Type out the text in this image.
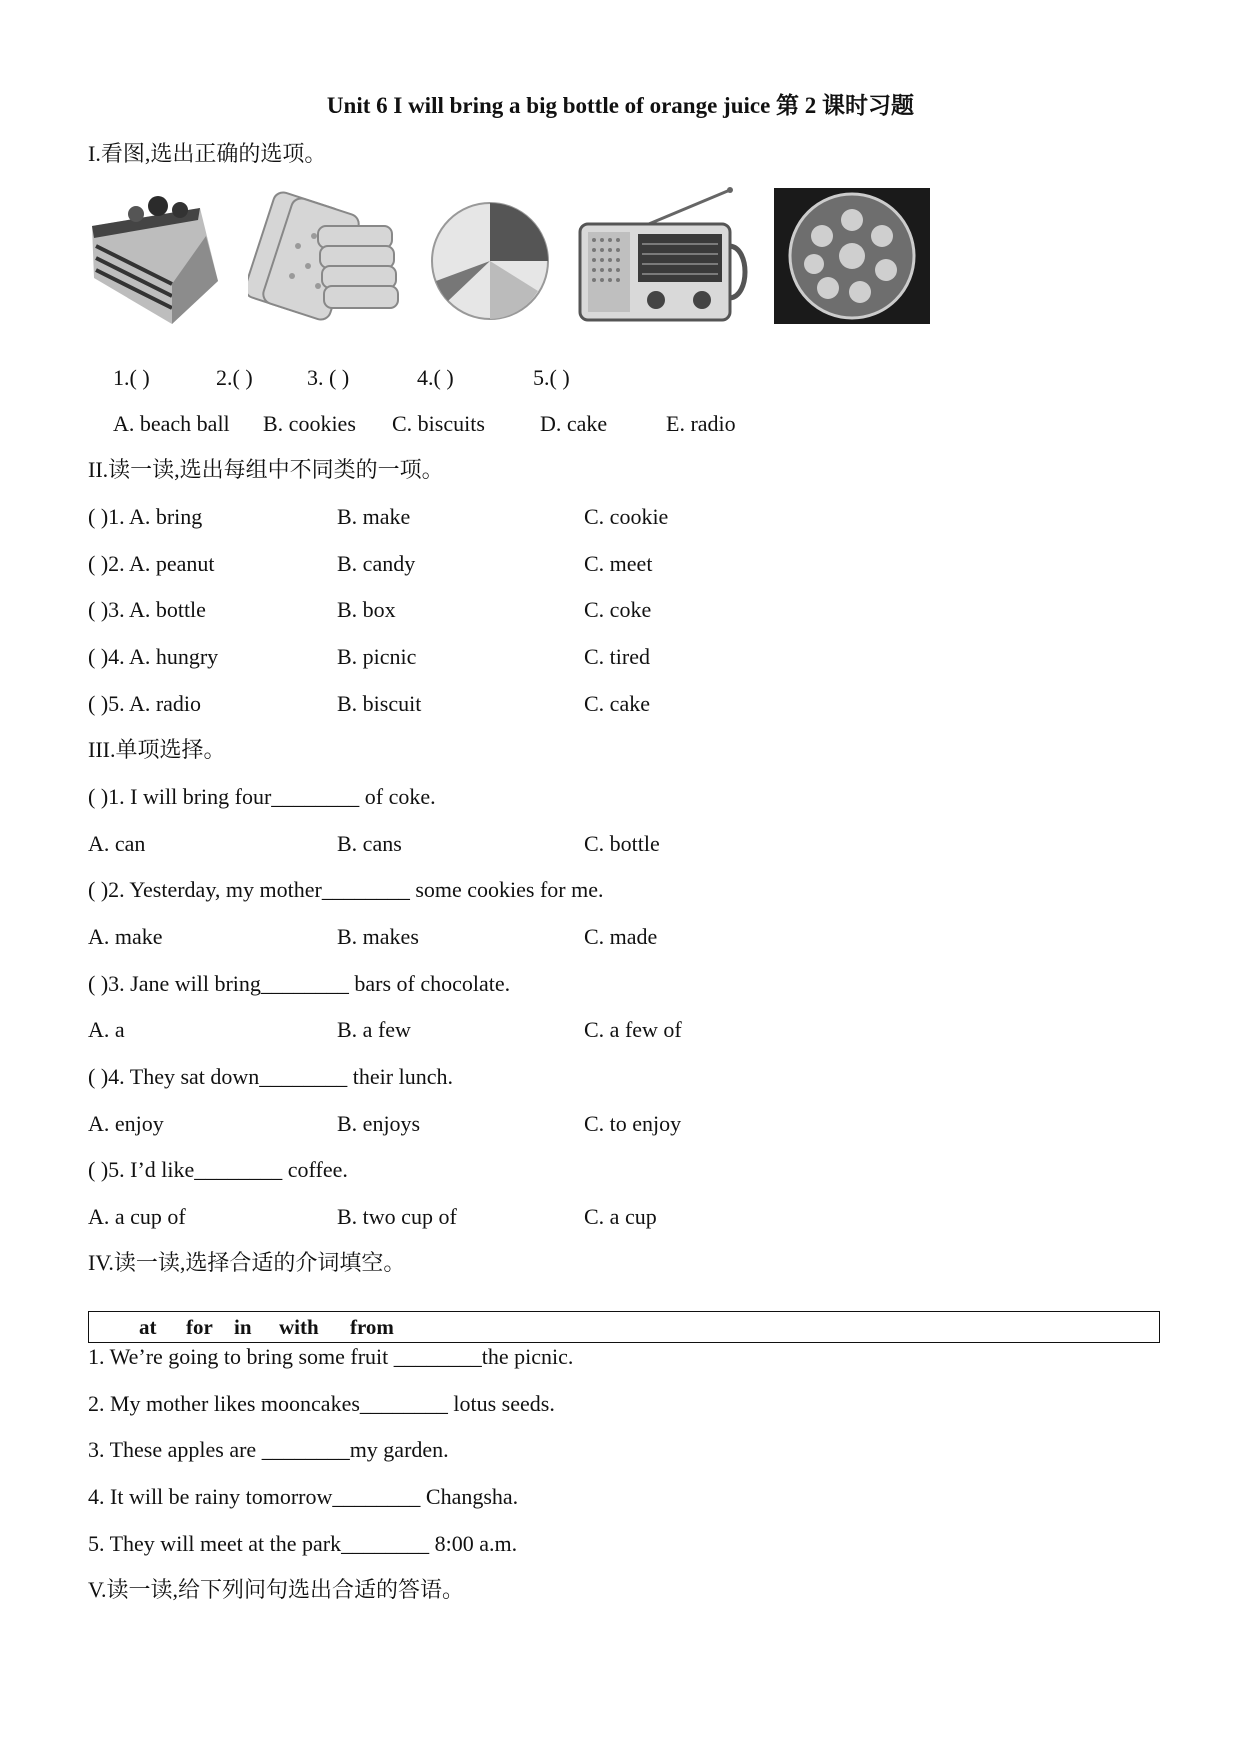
Unit 6 I will bring a big bottle of orange juice 第 2 课时习题
I.看图,选出正确的选项。
1.( )	2.( ) 3. ( )	4.( )	5.( )
A. beach ball B. cookies C. biscuits	D. cake	E. radio
II.读一读,选出每组中不同类的一项。
( )1. A. bring	B. make	C. cookie
( )2. A. peanut	B. candy	C. meet
( )3. A. bottle	B. box	C. coke
( )4. A. hungry	B. picnic	C. tired
( )5. A. radio	B. biscuit	C. cake
III.单项选择。
( )1. I will bring four________ of coke.
A. can	B. cans	C. bottle
( )2. Yesterday, my mother________ some cookies for me.
A. make	B. makes	C. made
( )3. Jane will bring________ bars of chocolate.
A. a	B. a few	C. a few of
( )4. They sat down________ their lunch.
A. enjoy	B. enjoys	C. to enjoy
( )5. I’d like________ coffee.
A. a cup of	B. two cup of	C. a cup
IV.读一读,选择合适的介词填空。
at for in with from
1. We’re going to bring some fruit ________the picnic.
2. My mother likes mooncakes________ lotus seeds.
3. These apples are ________my garden.
4. It will be rainy tomorrow________ Changsha.
5. They will meet at the park________ 8:00 a.m.
V.读一读,给下列问句选出合适的答语。
